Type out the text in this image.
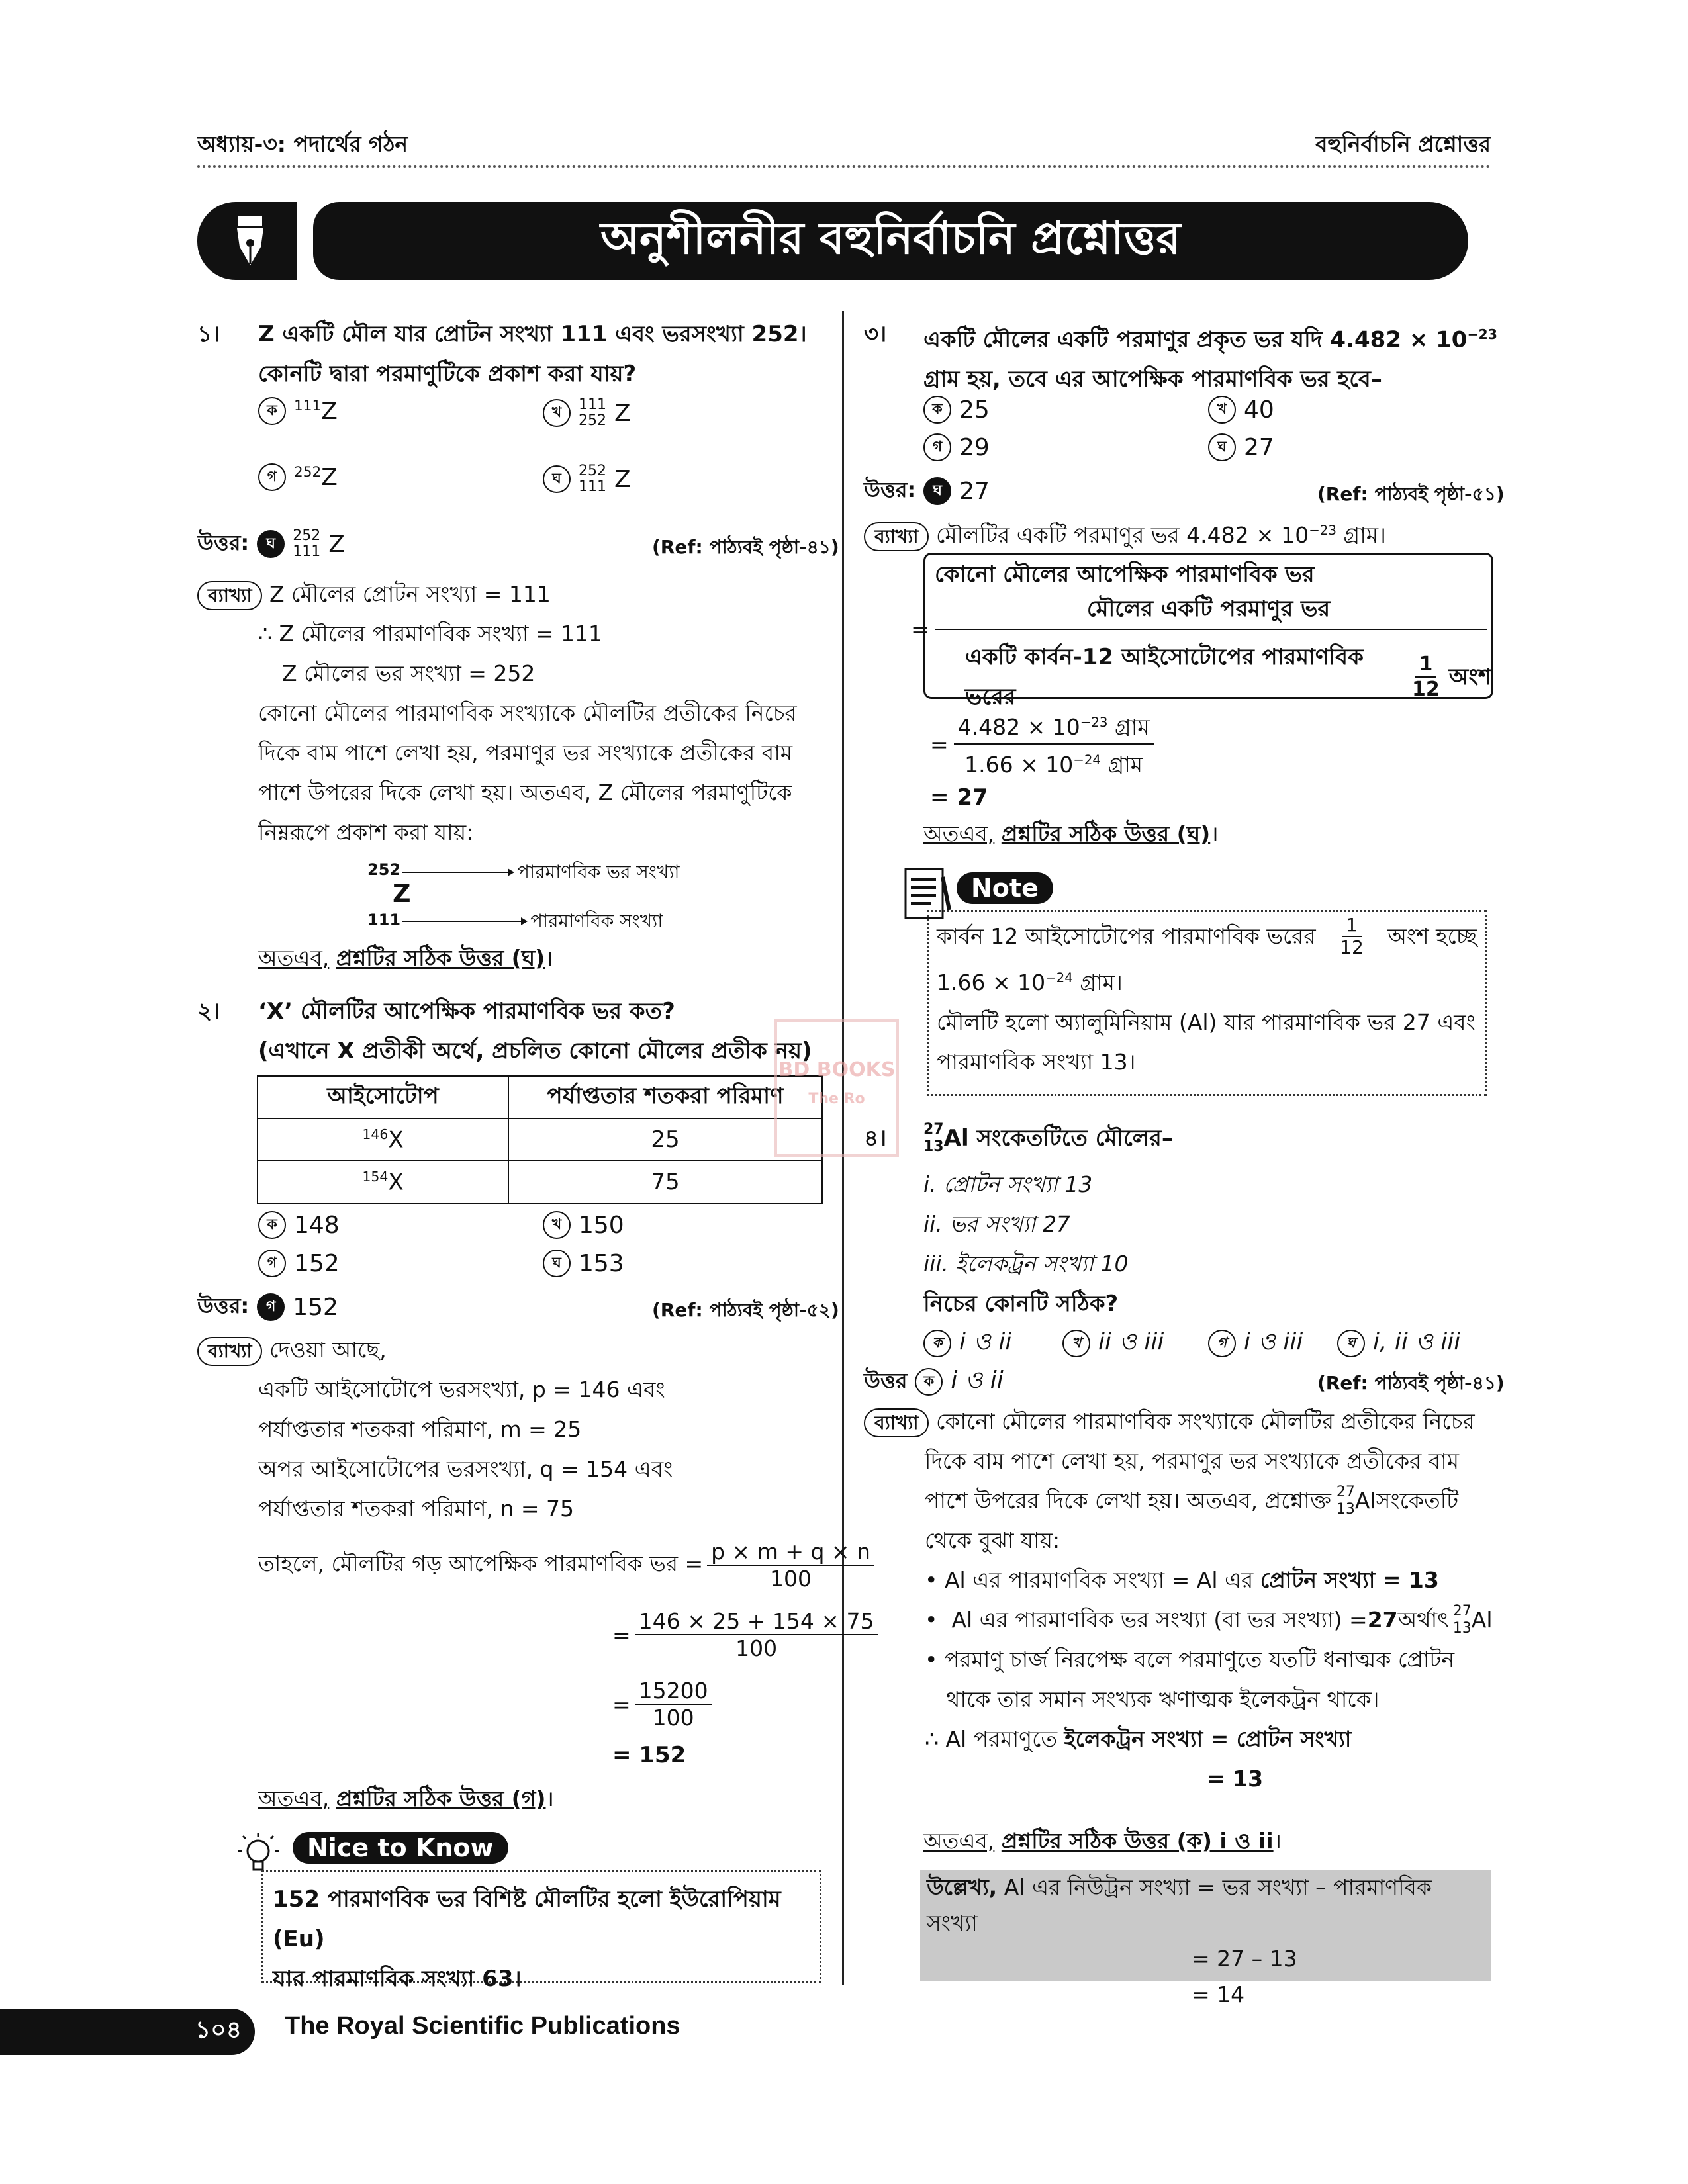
অধ্যায়-৩: পদার্থের গঠন	বহুনির্বাচনি প্রশ্নোত্তর
অনুশীলনীর বহুনির্বাচনি প্রশ্নোত্তর
১। Z একটি মৌল যার প্রোটন সংখ্যা 111 এবং ভরসংখ্যা 252।
কোনটি দ্বারা পরমাণুটিকে প্রকাশ করা যায়?
ক	$^{111}$Z	খ	111
252 Z
গ	$^{252}$Z	ঘ	252
111 Z
উত্তর:	ঘ	252
111 Z	(Ref: পাঠ্যবই পৃষ্ঠা-৪১)
ব্যাখ্যা Z মৌলের প্রোটন সংখ্যা = 111
∴ Z মৌলের পারমাণবিক সংখ্যা = 111
Z মৌলের ভর সংখ্যা = 252
কোনো মৌলের পারমাণবিক সংখ্যাকে মৌলটির প্রতীকের নিচের
দিকে বাম পাশে লেখা হয়, পরমাণুর ভর সংখ্যাকে প্রতীকের বাম
পাশে উপরের দিকে লেখা হয়। অতএব, Z মৌলের পরমাণুটিকে
নিম্নরূপে প্রকাশ করা যায়:
252	পারমাণবিক ভর সংখ্যা
Z
111	পারমাণবিক সংখ্যা
অতএব, প্রশ্নটির সঠিক উত্তর (ঘ)।
২। ‘X’ মৌলটির আপেক্ষিক পারমাণবিক ভর কত?
(এখানে X প্রতীকী অর্থে, প্রচলিত কোনো মৌলের প্রতীক নয়)
আইসোটোপ	পর্যাপ্ততার শতকরা পরিমাণ
$^{146}$X	25
$^{154}$X	75
ক 148	খ 150
গ 152	ঘ 153
উত্তর:	গ 152	(Ref: পাঠ্যবই পৃষ্ঠা-৫২)
ব্যাখ্যা দেওয়া আছে,
একটি আইসোটোপে ভরসংখ্যা, p = 146 এবং
পর্যাপ্ততার শতকরা পরিমাণ, m = 25
অপর আইসোটোপের ভরসংখ্যা, q = 154 এবং
পর্যাপ্ততার শতকরা পরিমাণ, n = 75
তাহলে, মৌলটির গড় আপেক্ষিক পারমাণবিক ভর = $\frac{p \times m + q \times n}{100}$
= $\frac{146 \times 25 + 154 \times 75}{100}$
= $\frac{15200}{100}$
= 152
অতএব, প্রশ্নটির সঠিক উত্তর (গ)।
Nice to Know
152 পারমাণবিক ভর বিশিষ্ট মৌলটির হলো ইউরোপিয়াম (Eu)
যার পারমাণবিক সংখ্যা 63।
৩। একটি মৌলের একটি পরমাণুর প্রকৃত ভর যদি $4.482 \times 10^{-23}$
গ্রাম হয়, তবে এর আপেক্ষিক পারমাণবিক ভর হবে–
ক 25	খ 40
গ 29	ঘ 27
উত্তর:	ঘ 27	(Ref: পাঠ্যবই পৃষ্ঠা-৫১)
ব্যাখ্যা মৌলটির একটি পরমাণুর ভর $4.482 \times 10^{-23}$ গ্রাম।
কোনো মৌলের আপেক্ষিক পারমাণবিক ভর
মৌলের একটি পরমাণুর ভর
=
একটি কার্বন-12 আইসোটোপের পারমাণবিক ভরের	$\frac{1}{12}$ অংশ
= $\frac{4.482 \times 10^{-23} গ্রাম}{1.66 \times 10^{-24} গ্রাম}$
= 27
অতএব, প্রশ্নটির সঠিক উত্তর (ঘ)।
Note
কার্বন 12 আইসোটোপের পারমাণবিক ভরের $\frac{1}{12}$ অংশ হচ্ছে
$1.66 \times 10^{-24}$ গ্রাম।
মৌলটি হলো অ্যালুমিনিয়াম (Al) যার পারমাণবিক ভর 27 এবং
পারমাণবিক সংখ্যা 13।
BD BOOKS
The Ro
৪।	27
13 Al সংকেতটিতে মৌলের–
i. প্রোটন সংখ্যা 13
ii. ভর সংখ্যা 27
iii. ইলেকট্রন সংখ্যা 10
নিচের কোনটি সঠিক?
ক i ও ii	খ ii ও iii	গ i ও iii	ঘ i, ii ও iii
উত্তর	ক i ও ii	(Ref: পাঠ্যবই পৃষ্ঠা-৪১)
ব্যাখ্যা কোনো মৌলের পারমাণবিক সংখ্যাকে মৌলটির প্রতীকের নিচের
দিকে বাম পাশে লেখা হয়, পরমাণুর ভর সংখ্যাকে প্রতীকের বাম
পাশে উপরের দিকে লেখা হয়। অতএব, প্রশ্নোক্ত 27
13 Al সংকেতটি
থেকে বুঝা যায়:
• Al এর পারমাণবিক সংখ্যা = Al এর প্রোটন সংখ্যা = 13
• Al এর পারমাণবিক ভর সংখ্যা (বা ভর সংখ্যা) = 27 অর্থাৎ 27
13 Al
• পরমাণু চার্জ নিরপেক্ষ বলে পরমাণুতে যতটি ধনাত্মক প্রোটন
থাকে তার সমান সংখ্যক ঋণাত্মক ইলেকট্রন থাকে।
∴ Al পরমাণুতে ইলেকট্রন সংখ্যা = প্রোটন সংখ্যা
= 13
অতএব, প্রশ্নটির সঠিক উত্তর (ক) i ও ii।
উল্লেখ্য, Al এর নিউট্রন সংখ্যা = ভর সংখ্যা – পারমাণবিক সংখ্যা
= 27 – 13
= 14
১০৪	The Royal Scientific Publications
